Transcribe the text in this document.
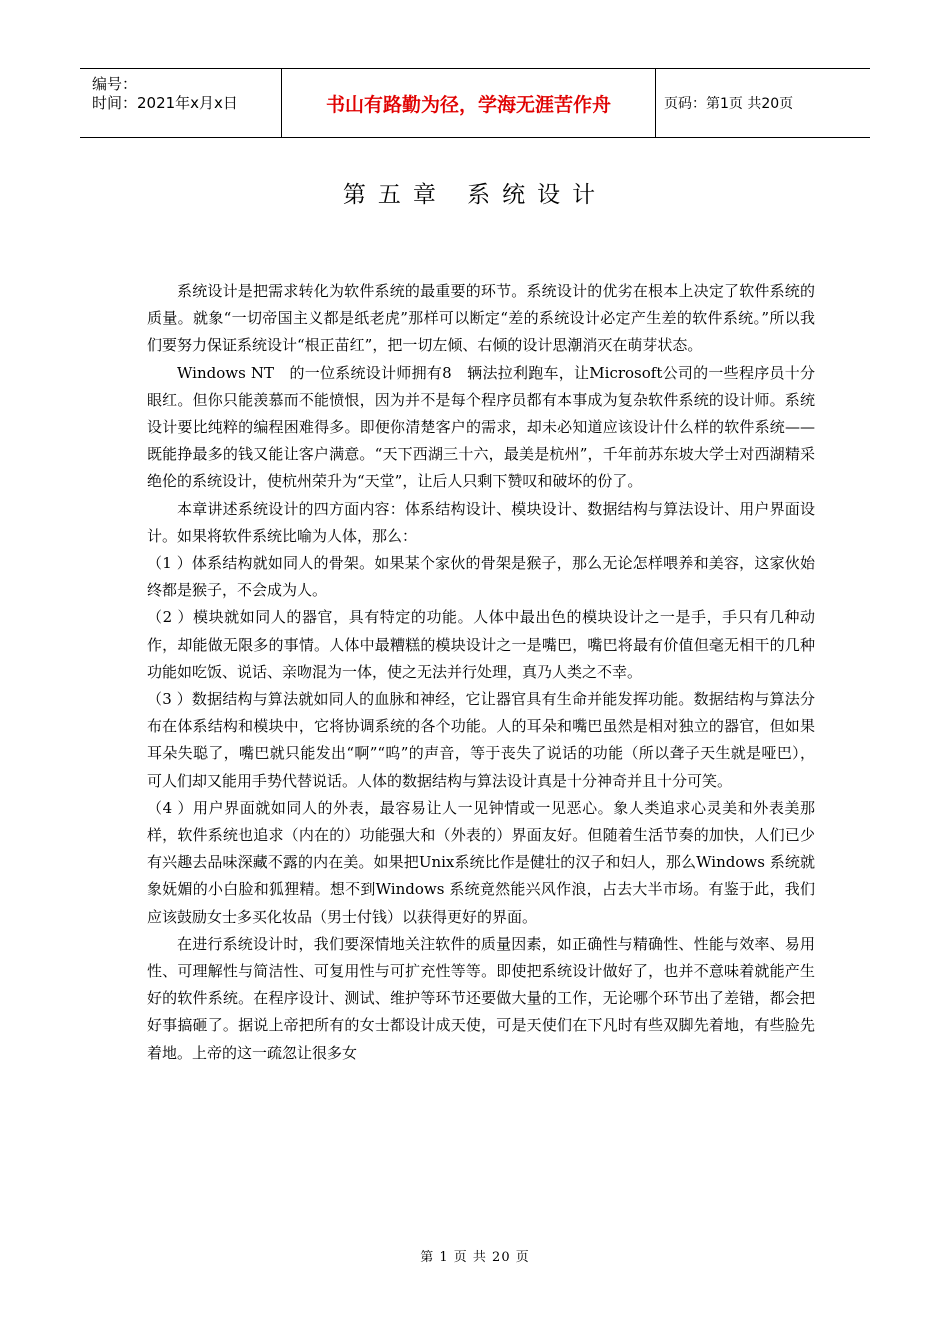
编号：
时间：2021年x月x日	书山有路勤为径，学海无涯苦作舟	页码：第1页 共20页
第五章 系统设计

系统设计是把需求转化为软件系统的最重要的环节。系统设计的优劣在根本上决定了软件系统的质量。就象“一切帝国主义都是纸老虎”那样可以断定“差的系统设计必定产生差的软件系统。”所以我们要努力保证系统设计“根正苗红”，把一切左倾、右倾的设计思潮消灭在萌芽状态。

Windows NT　的一位系统设计师拥有8　辆法拉利跑车，让Microsoft公司的一些程序员十分眼红。但你只能羡慕而不能愤恨，因为并不是每个程序员都有本事成为复杂软件系统的设计师。系统设计要比纯粹的编程困难得多。即便你清楚客户的需求，却未必知道应该设计什么样的软件系统——既能挣最多的钱又能让客户满意。“天下西湖三十六，最美是杭州”，千年前苏东坡大学士对西湖精采绝伦的系统设计，使杭州荣升为“天堂”，让后人只剩下赞叹和破坏的份了。

本章讲述系统设计的四方面内容：体系结构设计、模块设计、数据结构与算法设计、用户界面设计。如果将软件系统比喻为人体，那么：

（1 ）体系结构就如同人的骨架。如果某个家伙的骨架是猴子，那么无论怎样喂养和美容，这家伙始终都是猴子，不会成为人。

（2 ）模块就如同人的器官，具有特定的功能。人体中最出色的模块设计之一是手，手只有几种动作，却能做无限多的事情。人体中最糟糕的模块设计之一是嘴巴，嘴巴将最有价值但毫无相干的几种功能如吃饭、说话、亲吻混为一体，使之无法并行处理，真乃人类之不幸。

（3 ）数据结构与算法就如同人的血脉和神经，它让器官具有生命并能发挥功能。数据结构与算法分布在体系结构和模块中，它将协调系统的各个功能。人的耳朵和嘴巴虽然是相对独立的器官，但如果耳朵失聪了，嘴巴就只能发出“啊”“呜”的声音，等于丧失了说话的功能（所以聋子天生就是哑巴），可人们却又能用手势代替说话。人体的数据结构与算法设计真是十分神奇并且十分可笑。

（4 ）用户界面就如同人的外表，最容易让人一见钟情或一见恶心。象人类追求心灵美和外表美那样，软件系统也追求（内在的）功能强大和（外表的）界面友好。但随着生活节奏的加快，人们已少有兴趣去品味深藏不露的内在美。如果把Unix系统比作是健壮的汉子和妇人，那么Windows 系统就象妩媚的小白脸和狐狸精。想不到Windows 系统竟然能兴风作浪，占去大半市场。有鉴于此，我们应该鼓励女士多买化妆品（男士付钱）以获得更好的界面。

在进行系统设计时，我们要深情地关注软件的质量因素，如正确性与精确性、性能与效率、易用性、可理解性与简洁性、可复用性与可扩充性等等。即使把系统设计做好了，也并不意味着就能产生好的软件系统。在程序设计、测试、维护等环节还要做大量的工作，无论哪个环节出了差错，都会把好事搞砸了。据说上帝把所有的女士都设计成天使，可是天使们在下凡时有些双脚先着地，有些脸先着地。上帝的这一疏忽让很多女

第 1 页 共 20 页
